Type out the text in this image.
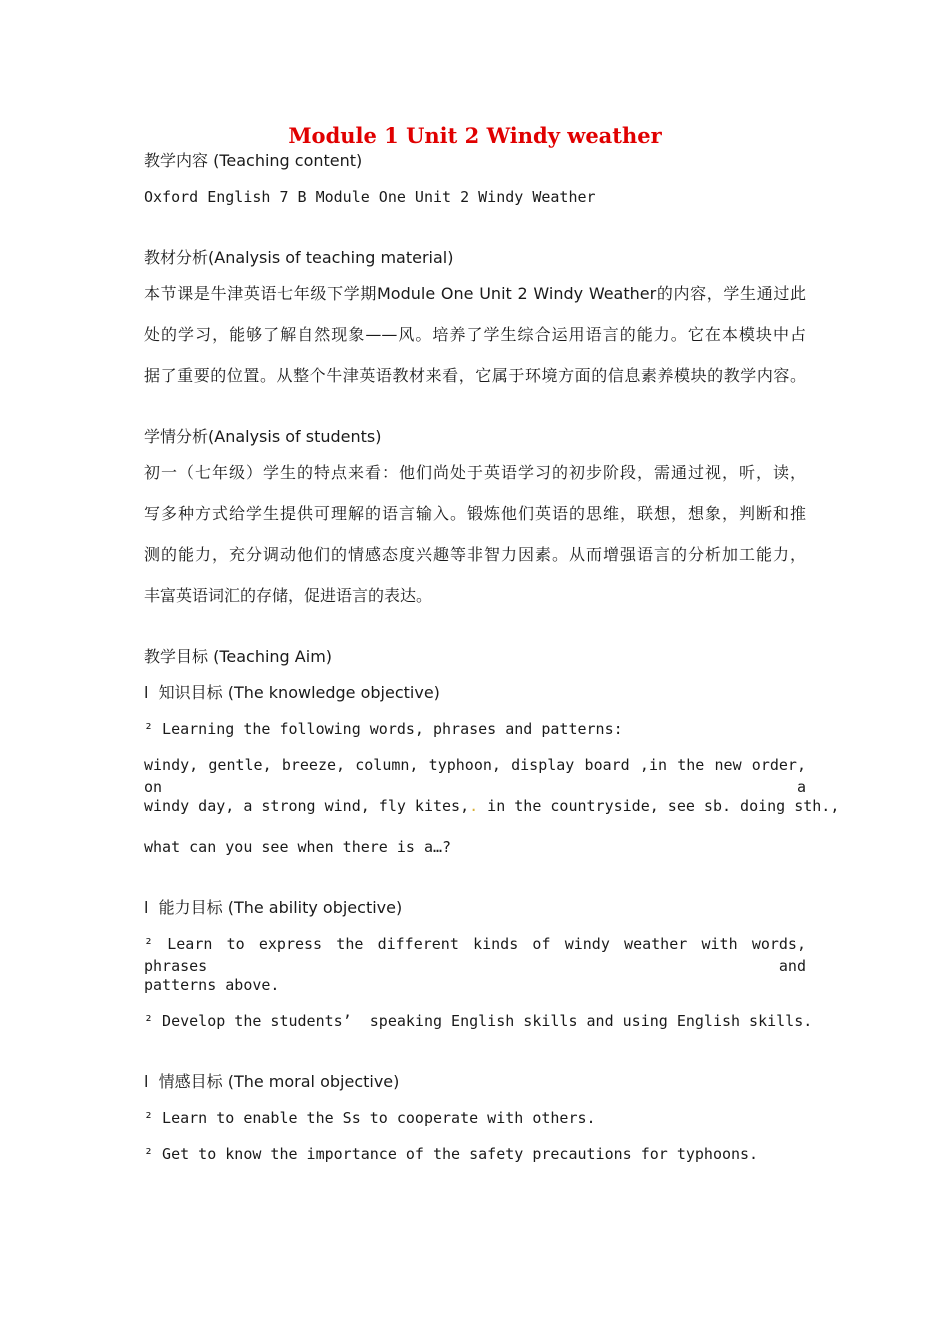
Module 1 Unit 2 Windy weather
教学内容 (Teaching content)
Oxford English 7 B Module One Unit 2 Windy Weather
教材分析(Analysis of teaching material)
本节课是牛津英语七年级下学期Module One Unit 2 Windy Weather的内容，学生通过此
处的学习，能够了解自然现象——风。培养了学生综合运用语言的能力。它在本模块中占
据了重要的位置。从整个牛津英语教材来看，它属于环境方面的信息素养模块的教学内容。
学情分析(Analysis of students)
初一（七年级）学生的特点来看：他们尚处于英语学习的初步阶段，需通过视，听，读，
写多种方式给学生提供可理解的语言输入。锻炼他们英语的思维，联想，想象，判断和推
测的能力，充分调动他们的情感态度兴趣等非智力因素。从而增强语言的分析加工能力，
丰富英语词汇的存储，促进语言的表达。
教学目标 (Teaching Aim)
l  知识目标 (The knowledge objective)
² Learning the following words, phrases and patterns:
windy, gentle, breeze, column, typhoon, display board ,in the new order, on a
windy day, a strong wind, fly kites,. in the countryside, see sb. doing sth.,
what can you see when there is a…?
l  能力目标 (The ability objective)
² Learn to express the different kinds of windy weather with words, phrases and
patterns above.
² Develop the students’  speaking English skills and using English skills.
l  情感目标 (The moral objective)
² Learn to enable the Ss to cooperate with others.
² Get to know the importance of the safety precautions for typhoons.
